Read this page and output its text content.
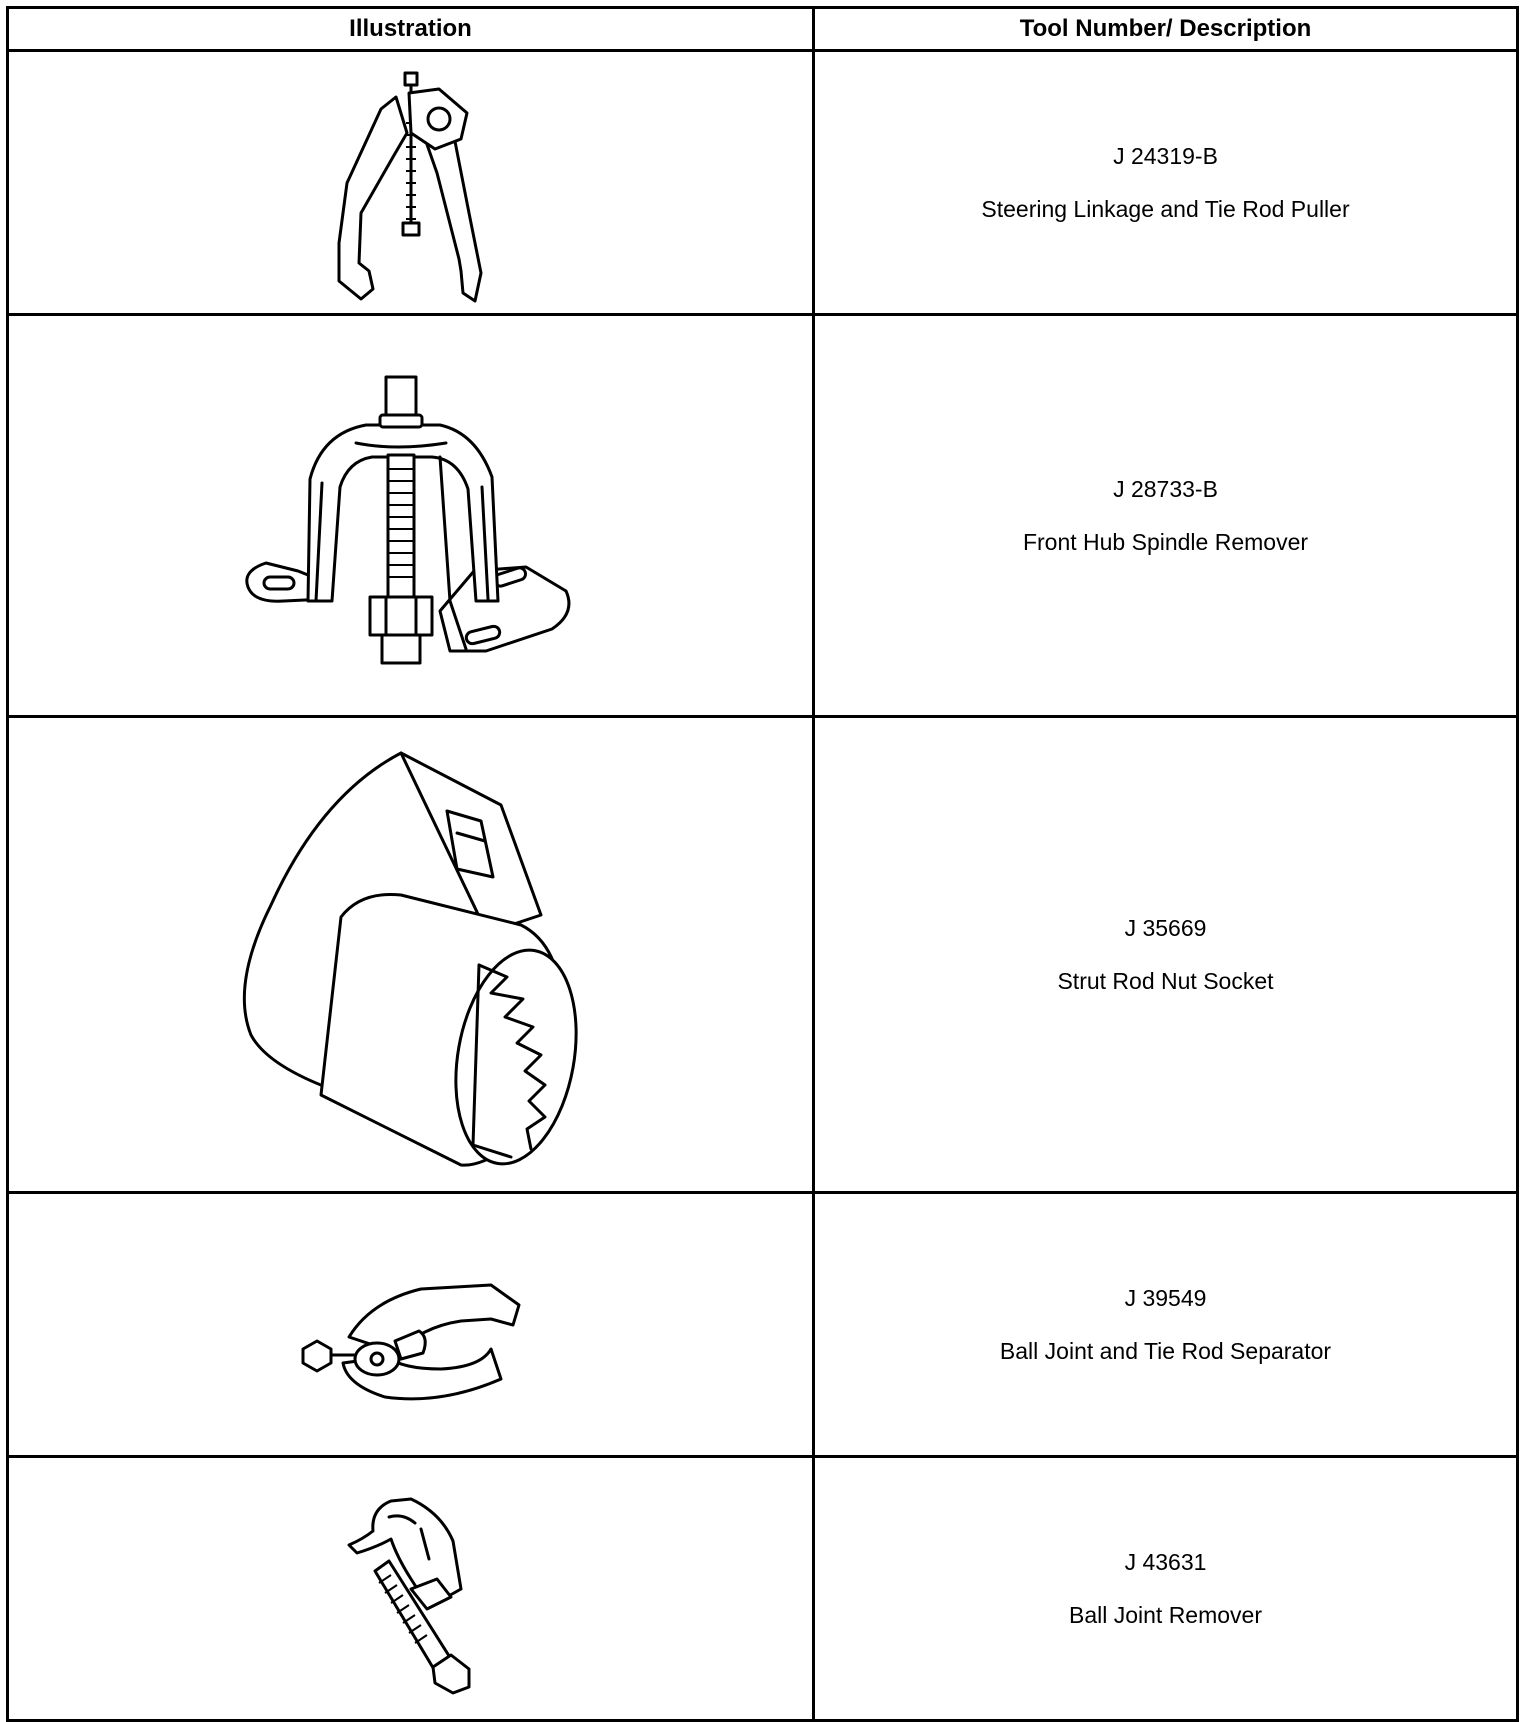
Illustration	Tool Number/ Description

J 24319-B
Steering Linkage and Tie Rod Puller

J 28733-B
Front Hub Spindle Remover

J 35669
Strut Rod Nut Socket

J 39549
Ball Joint and Tie Rod Separator

J 43631
Ball Joint Remover
